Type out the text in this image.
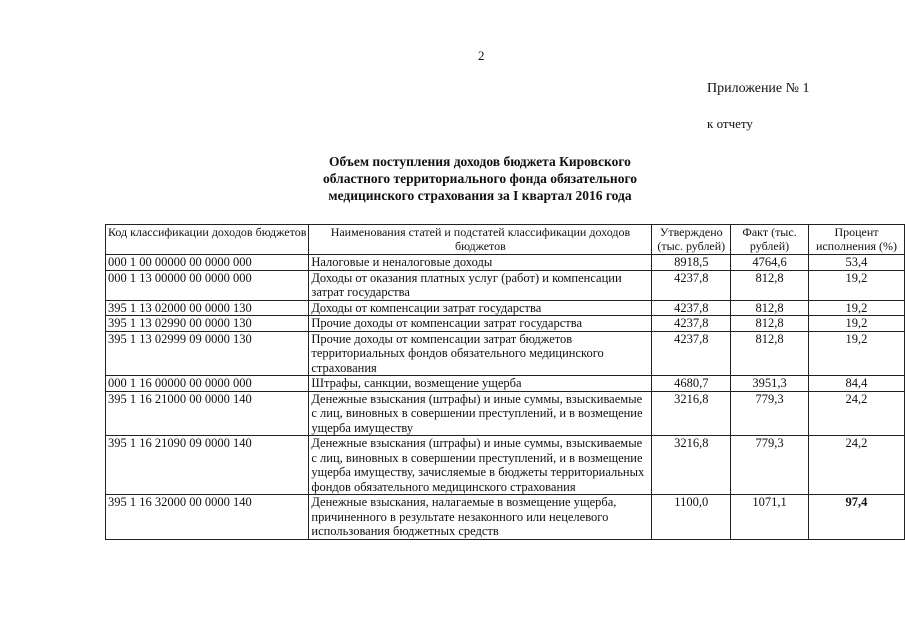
2
Приложение № 1
к отчету
Объем поступления доходов бюджета Кировского областного территориального фонда обязательного медицинского страхования за I квартал 2016 года
Код классификации доходов бюджетов	Наименования статей и подстатей классификации доходов бюджетов	Утверждено (тыс. рублей)	Факт (тыс. рублей)	Процент исполнения (%)
000 1 00 00000 00 0000 000	Налоговые и неналоговые доходы	8918,5	4764,6	53,4
000 1 13 00000 00 0000 000	Доходы от оказания платных услуг (работ) и компенсации затрат государства	4237,8	812,8	19,2
395 1 13 02000 00 0000 130	Доходы от компенсации затрат государства	4237,8	812,8	19,2
395 1 13 02990 00 0000 130	Прочие доходы от компенсации затрат государства	4237,8	812,8	19,2
395 1 13 02999 09 0000 130	Прочие доходы от компенсации затрат бюджетов территориальных фондов обязательного медицинского страхования	4237,8	812,8	19,2
000 1 16 00000 00 0000 000	Штрафы, санкции, возмещение ущерба	4680,7	3951,3	84,4
395 1 16 21000 00 0000 140	Денежные взыскания (штрафы) и иные суммы, взыскиваемые с лиц, виновных в совершении преступлений, и в возмещение ущерба имуществу	3216,8	779,3	24,2
395 1 16 21090 09 0000 140	Денежные взыскания (штрафы) и иные суммы, взыскиваемые с лиц, виновных в совершении преступлений, и в возмещение ущерба имуществу, зачисляемые в бюджеты территориальных фондов обязательного медицинского страхования	3216,8	779,3	24,2
395 1 16 32000 00 0000 140	Денежные взыскания, налагаемые в возмещение ущерба, причиненного в результате незаконного или нецелевого использования бюджетных средств	1100,0	1071,1	97,4
